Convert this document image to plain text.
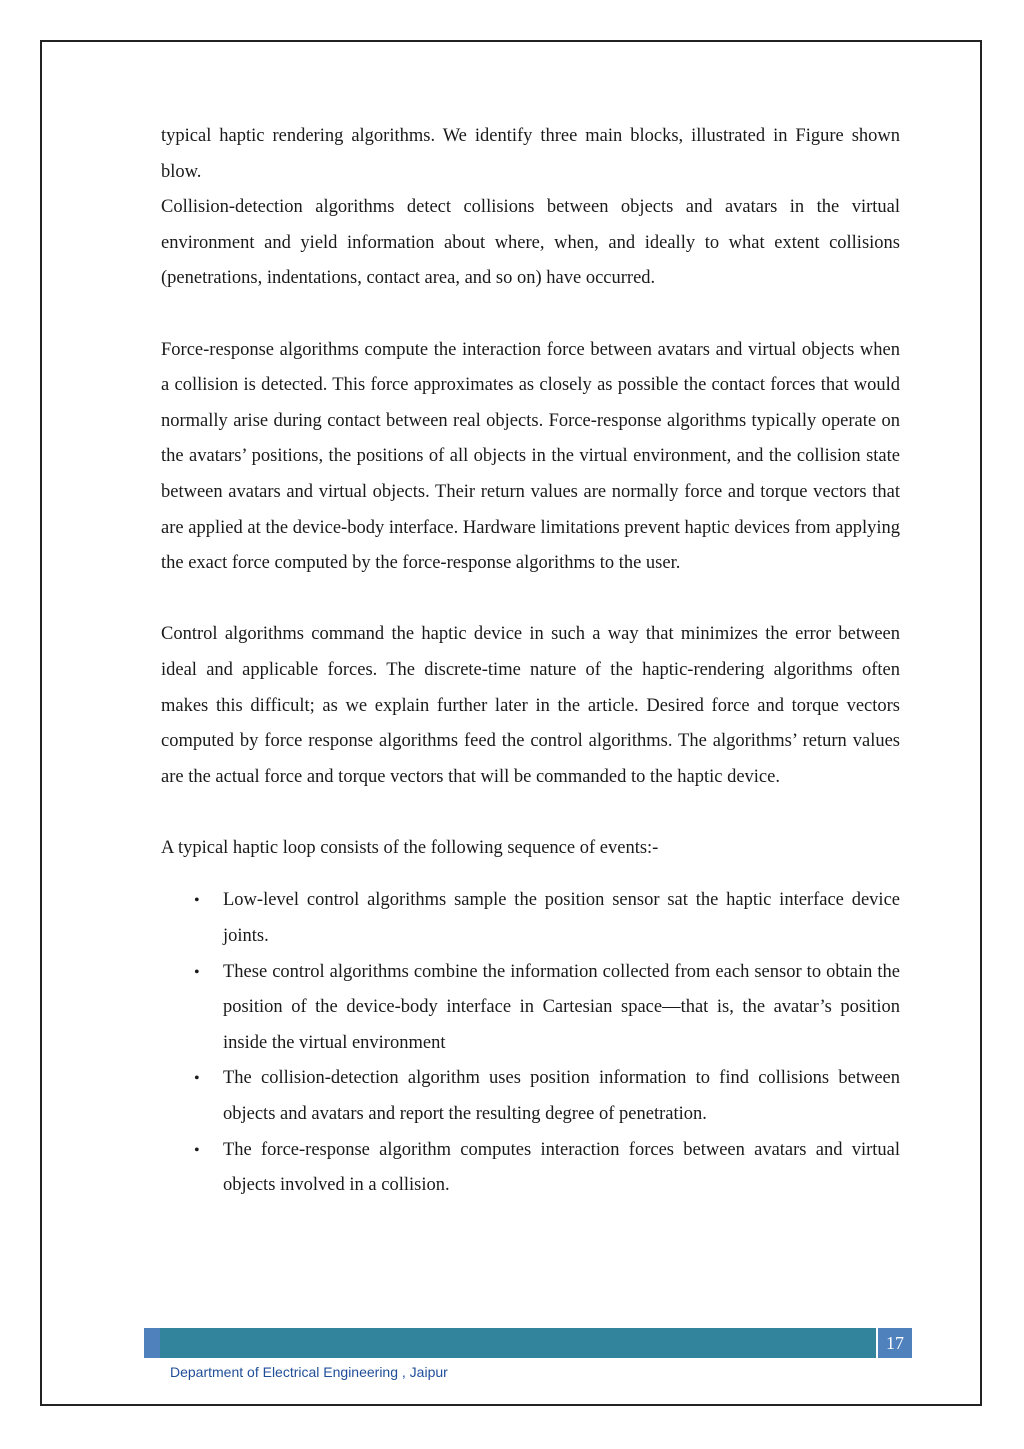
typical haptic rendering algorithms. We identify three main blocks, illustrated in Figure shown blow.

Collision-detection algorithms detect collisions between objects and avatars in the virtual environment and yield information about where, when, and ideally to what extent collisions (penetrations, indentations, contact area, and so on) have occurred.

Force-response algorithms compute the interaction force between avatars and virtual objects when a collision is detected. This force approximates as closely as possible the contact forces that would normally arise during contact between real objects. Force-response algorithms typically operate on the avatars’ positions, the positions of all objects in the virtual environment, and the collision state between avatars and virtual objects. Their return values are normally force and torque vectors that are applied at the device-body interface. Hardware limitations prevent haptic devices from applying the exact force computed by the force-response algorithms to the user.

Control algorithms command the haptic device in such a way that minimizes the error between ideal and applicable forces. The discrete-time nature of the haptic-rendering algorithms often makes this difficult; as we explain further later in the article. Desired force and torque vectors computed by force response algorithms feed the control algorithms. The algorithms’ return values are the actual force and torque vectors that will be commanded to the haptic device.

A typical haptic loop consists of the following sequence of events:-

• Low-level control algorithms sample the position sensor sat the haptic interface device joints.
• These control algorithms combine the information collected from each sensor to obtain the position of the device-body interface in Cartesian space—that is, the avatar’s position inside the virtual environment
• The collision-detection algorithm uses position information to find collisions between objects and avatars and report the resulting degree of penetration.
• The force-response algorithm computes interaction forces between avatars and virtual objects involved in a collision.
17
Department of Electrical Engineering , Jaipur
